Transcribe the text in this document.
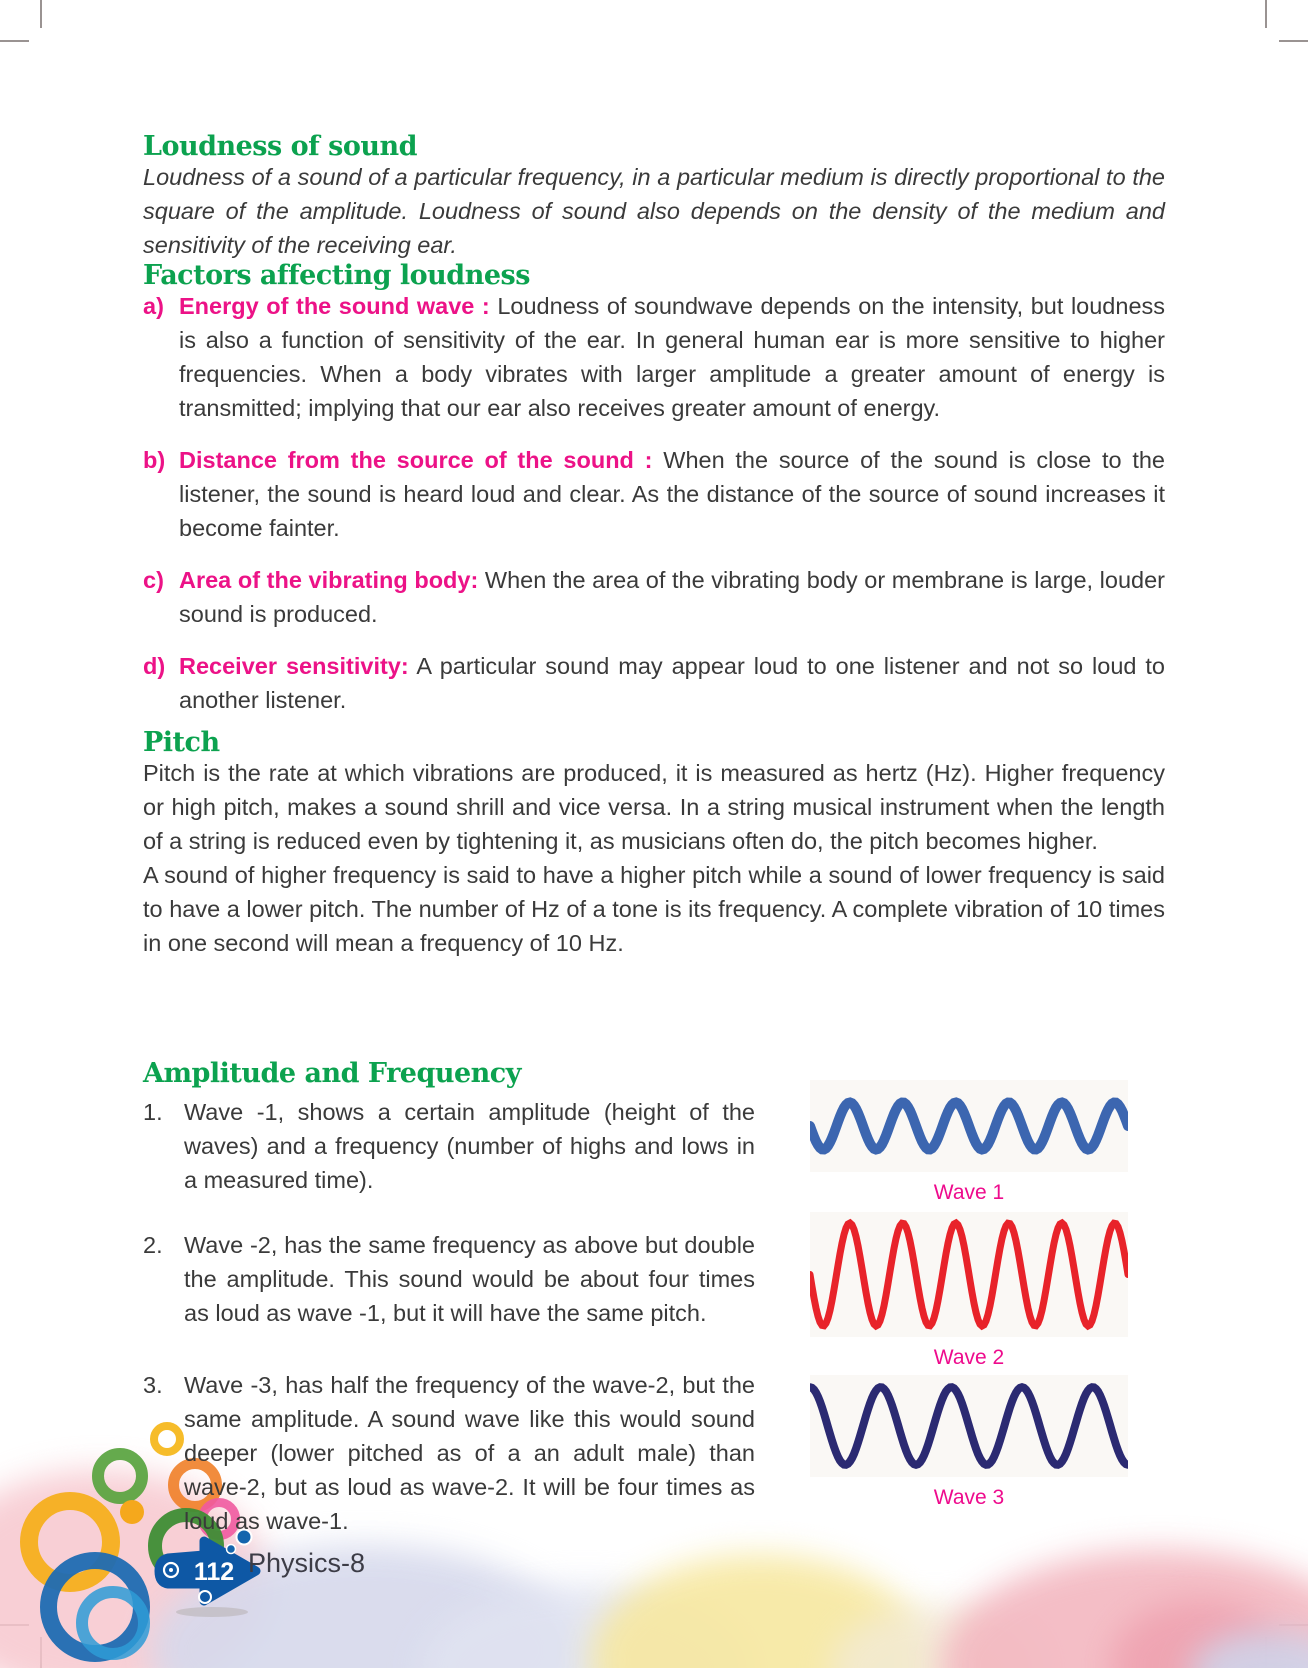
112 Physics-8
Loudness of sound

Loudness of a sound of a particular frequency, in a particular medium is directly proportional to the square of the amplitude. Loudness of sound also depends on the density of the medium and sensitivity of the receiving ear.

Factors affecting loudness
a) Energy of the sound wave : Loudness of soundwave depends on the intensity, but loudness is also a function of sensitivity of the ear. In general human ear is more sensitive to higher frequencies. When a body vibrates with larger amplitude a greater amount of energy is transmitted; implying that our ear also receives greater amount of energy.
b) Distance from the source of the sound : When the source of the sound is close to the listener, the sound is heard loud and clear. As the distance of the source of sound increases it become fainter.
c) Area of the vibrating body: When the area of the vibrating body or membrane is large, louder sound is produced.
d) Receiver sensitivity: A particular sound may appear loud to one listener and not so loud to another listener.
Pitch

Pitch is the rate at which vibrations are produced, it is measured as hertz (Hz). Higher frequency or high pitch, makes a sound shrill and vice versa. In a string musical instrument when the length of a string is reduced even by tightening it, as musicians often do, the pitch becomes higher.

A sound of higher frequency is said to have a higher pitch while a sound of lower frequency is said to have a lower pitch. The number of Hz of a tone is its frequency. A complete vibration of 10 times in one second will mean a frequency of 10 Hz.

Amplitude and Frequency
1. Wave -1, shows a certain amplitude (height of the waves) and a frequency (number of highs and lows in a measured time).
2. Wave -2, has the same frequency as above but double the amplitude. This sound would be about four times as loud as wave -1, but it will have the same pitch.
3. Wave -3, has half the frequency of the wave-2, but the same amplitude. A sound wave like this would sound deeper (lower pitched as of a an adult male) than wave-2, but as loud as wave-2. It will be four times as loud as wave-1.
Wave 1
Wave 2
Wave 3
